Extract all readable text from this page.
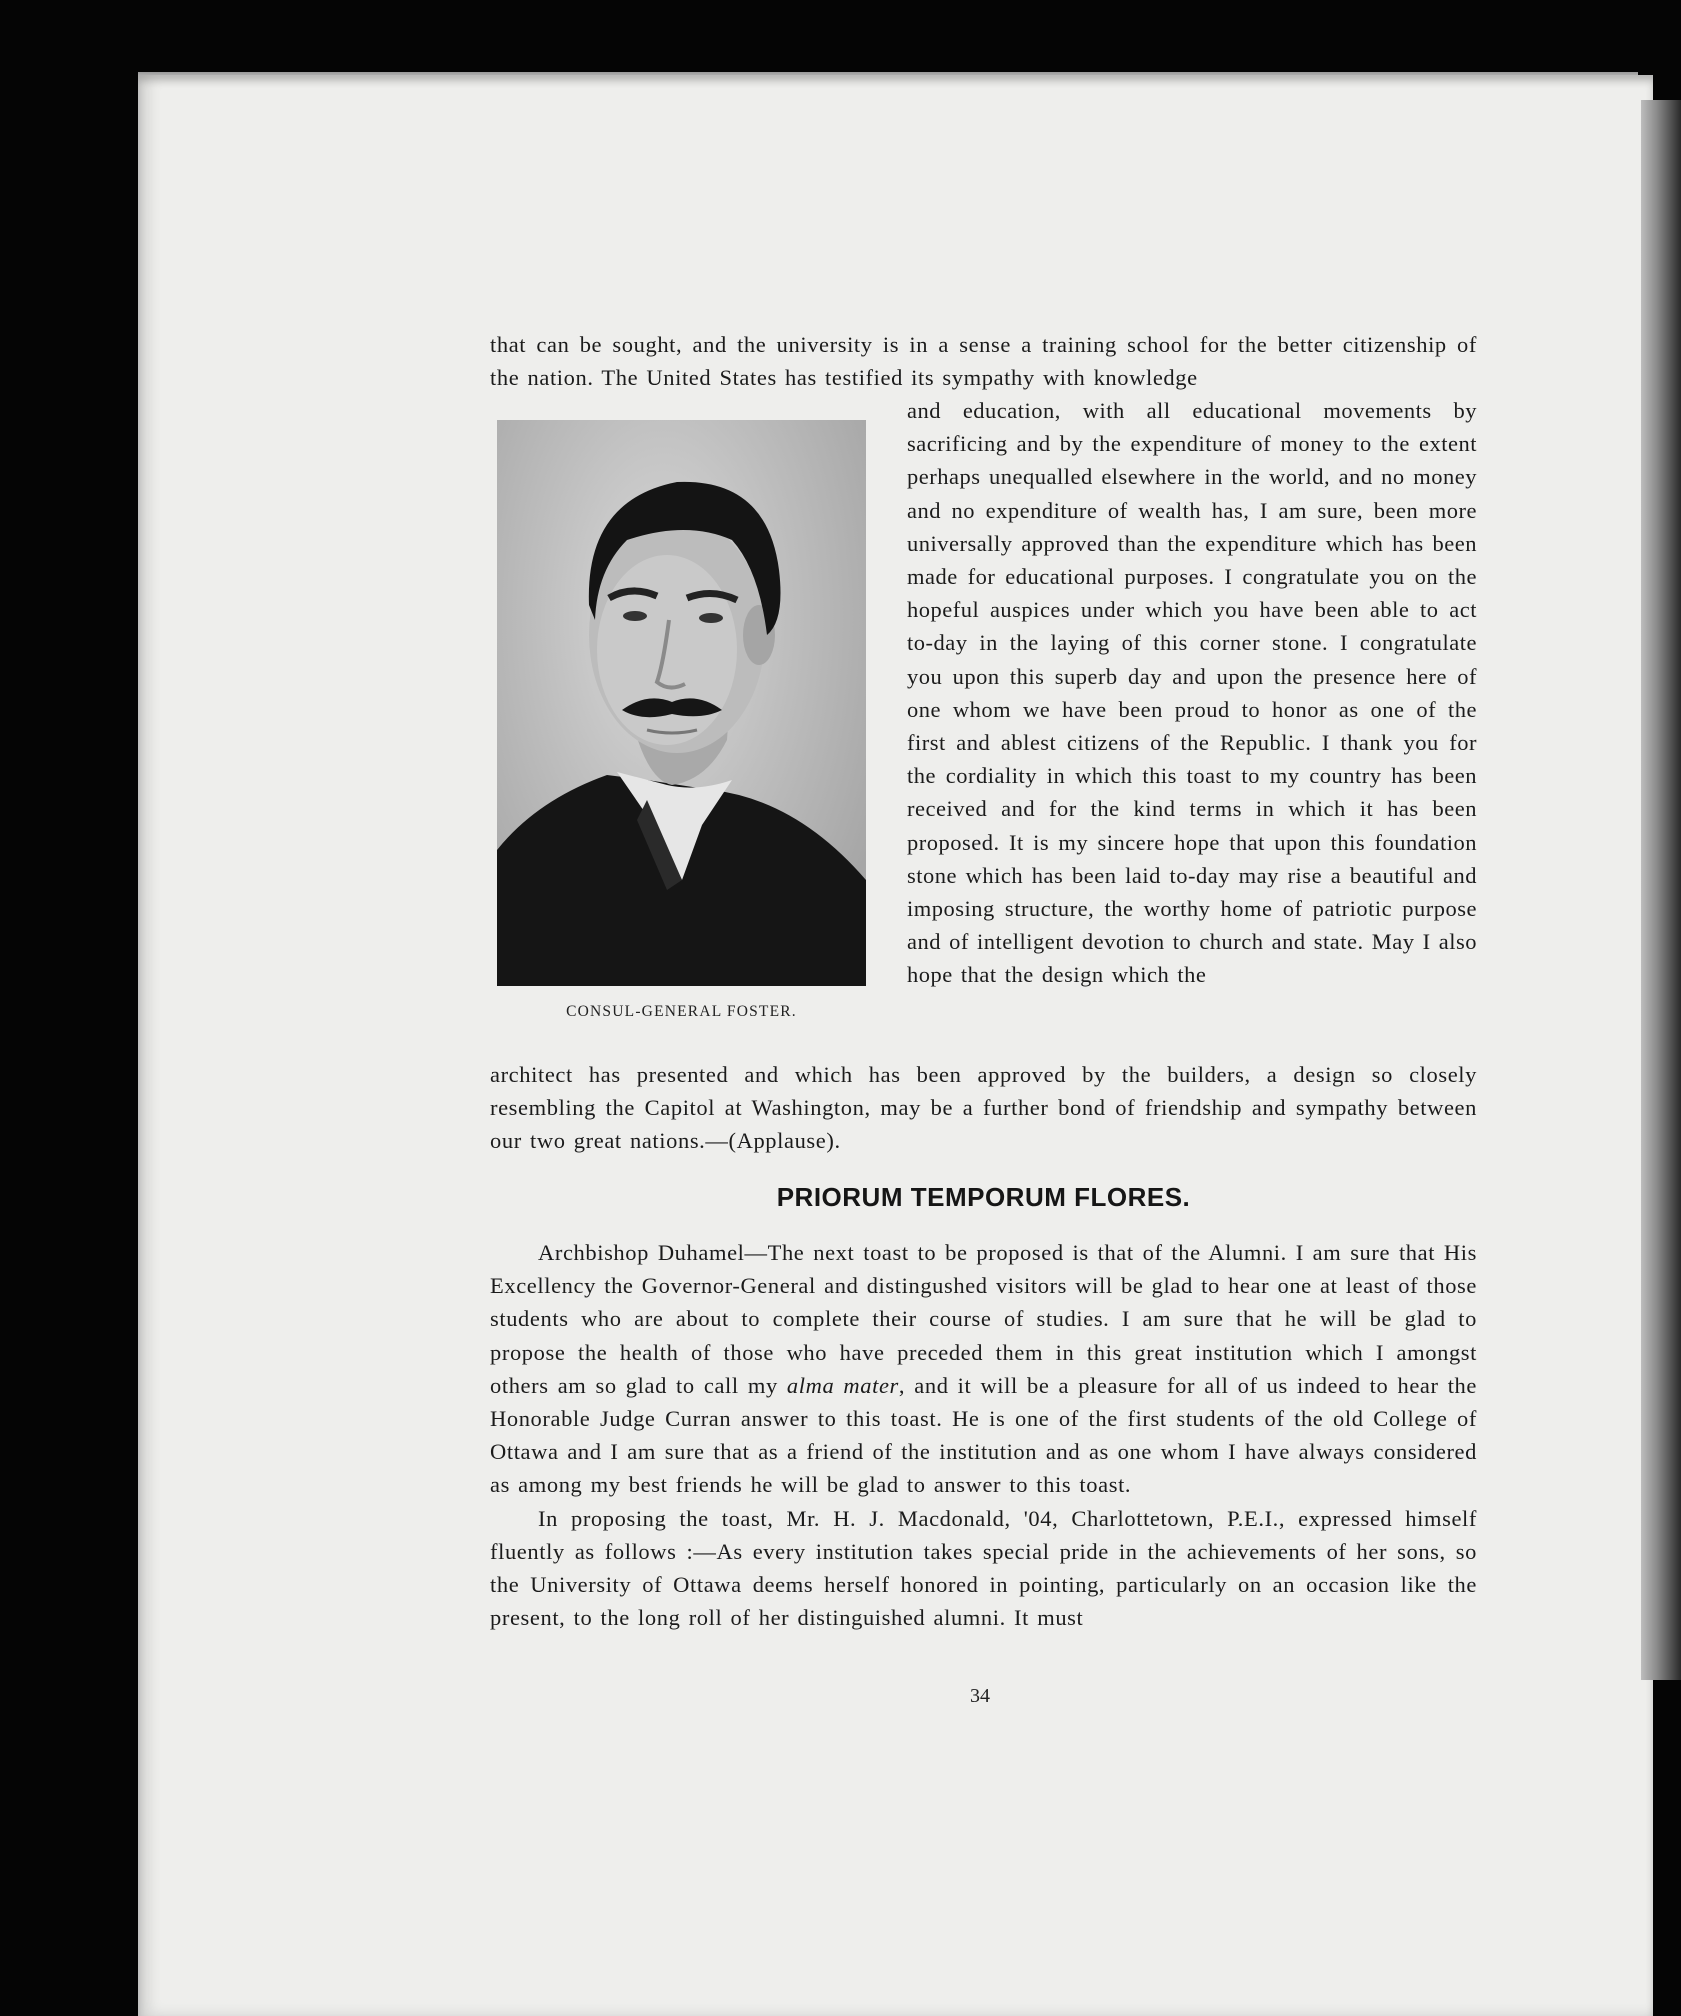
that can be sought, and the university is in a sense a training school for the better citizenship of the nation. The United States has testified its sympathy with knowledge

CONSUL-GENERAL FOSTER.

and education, with all educational movements by sacrificing and by the expenditure of money to the extent perhaps unequalled elsewhere in the world, and no money and no expenditure of wealth has, I am sure, been more universally approved than the expenditure which has been made for educational purposes. I congratulate you on the hopeful auspices under which you have been able to act to-day in the laying of this corner stone. I congratulate you upon this superb day and upon the presence here of one whom we have been proud to honor as one of the first and ablest citizens of the Republic. I thank you for the cordiality in which this toast to my country has been received and for the kind terms in which it has been proposed. It is my sincere hope that upon this foundation stone which has been laid to-day may rise a beautiful and imposing structure, the worthy home of patriotic purpose and of intelligent devotion to church and state. May I also hope that the design which the

architect has presented and which has been approved by the builders, a design so closely resembling the Capitol at Washington, may be a further bond of friendship and sympathy between our two great nations.—(Applause).

PRIORUM TEMPORUM FLORES.

Archbishop Duhamel—The next toast to be proposed is that of the Alumni. I am sure that His Excellency the Governor-General and distingushed visitors will be glad to hear one at least of those students who are about to complete their course of studies. I am sure that he will be glad to propose the health of those who have preceded them in this great institution which I amongst others am so glad to call my alma mater, and it will be a pleasure for all of us indeed to hear the Honorable Judge Curran answer to this toast. He is one of the first students of the old College of Ottawa and I am sure that as a friend of the institution and as one whom I have always considered as among my best friends he will be glad to answer to this toast.

In proposing the toast, Mr. H. J. Macdonald, '04, Charlottetown, P.E.I., expressed himself fluently as follows :—As every institution takes special pride in the achievements of her sons, so the University of Ottawa deems herself honored in pointing, particularly on an occasion like the present, to the long roll of her distinguished alumni. It must

34
